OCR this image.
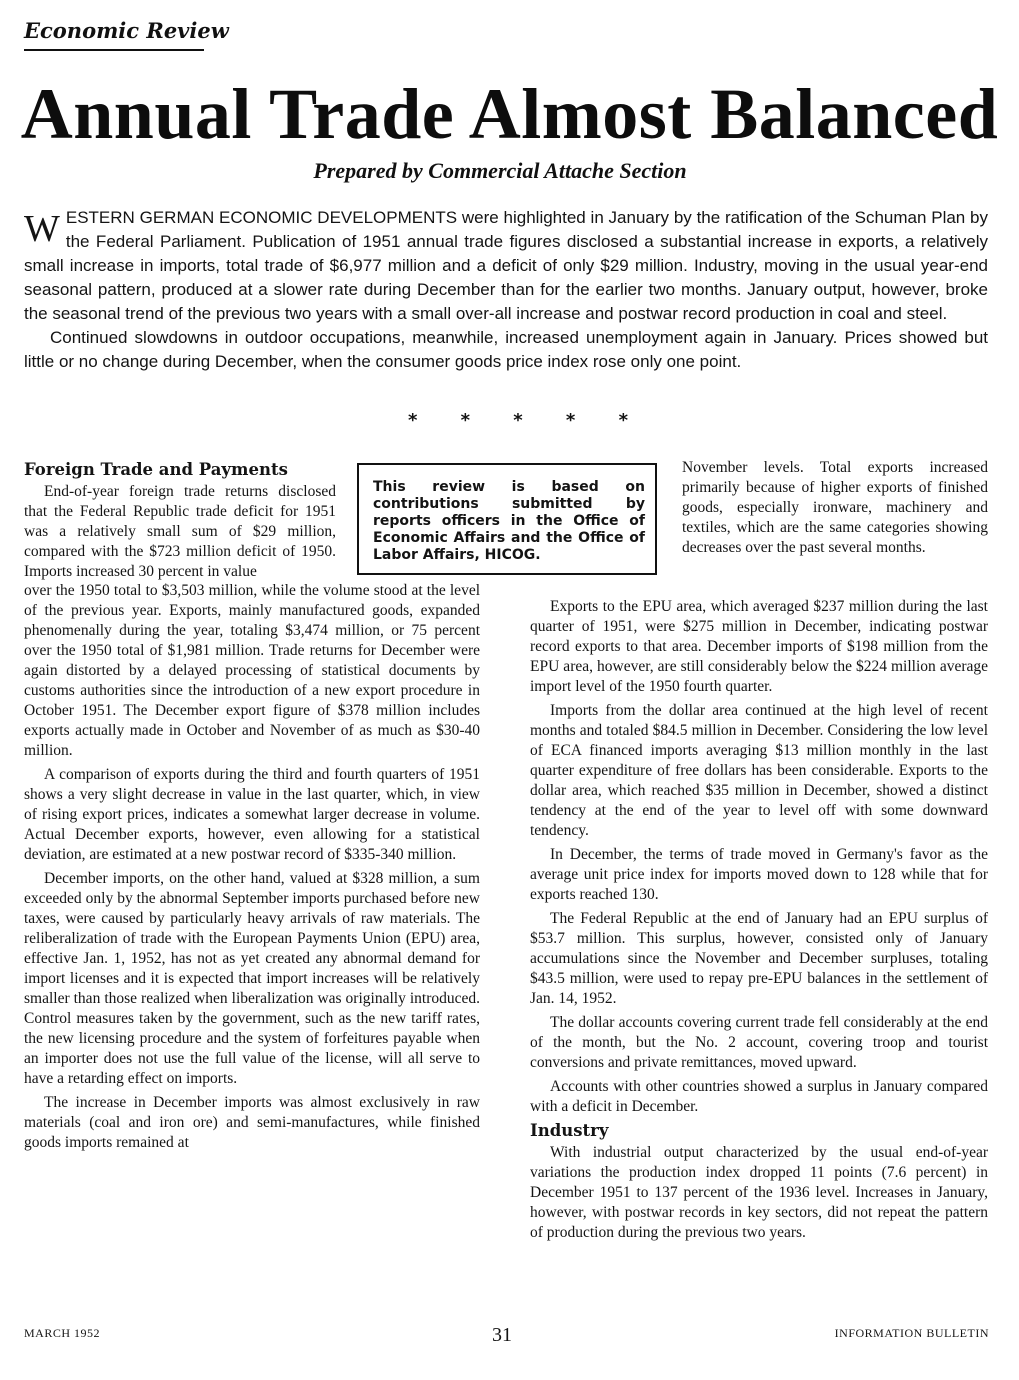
Economic Review
Annual Trade Almost Balanced
Prepared by Commercial Attache Section

WESTERN GERMAN ECONOMIC DEVELOPMENTS were highlighted in January by the ratification of the Schuman Plan by the Federal Parliament. Publication of 1951 annual trade figures disclosed a substantial increase in exports, a relatively small increase in imports, total trade of $6,977 million and a deficit of only $29 million. Industry, moving in the usual year-end seasonal pattern, produced at a slower rate during December than for the earlier two months. January output, however, broke the seasonal trend of the previous two years with a small over-all increase and postwar record production in coal and steel.

Continued slowdowns in outdoor occupations, meanwhile, increased unemployment again in January. Prices showed but little or no change during December, when the consumer goods price index rose only one point.

* * * * *
Foreign Trade and Payments

End-of-year foreign trade returns disclosed that the Federal Republic trade deficit for 1951 was a relatively small sum of $29 million, compared with the $723 million deficit of 1950. Imports increased 30 percent in value

This review is based on contributions submitted by reports officers in the Office of Economic Affairs and the Office of Labor Affairs, HICOG.

November levels. Total exports increased primarily because of higher exports of finished goods, especially ironware, machinery and textiles, which are the same categories showing decreases over the past several months.

over the 1950 total to $3,503 million, while the volume stood at the level of the previous year. Exports, mainly manufactured goods, expanded phenomenally during the year, totaling $3,474 million, or 75 percent over the 1950 total of $1,981 million. Trade returns for December were again distorted by a delayed processing of statistical documents by customs authorities since the introduction of a new export procedure in October 1951. The December export figure of $378 million includes exports actually made in October and November of as much as $30-40 million.

A comparison of exports during the third and fourth quarters of 1951 shows a very slight decrease in value in the last quarter, which, in view of rising export prices, indicates a somewhat larger decrease in volume. Actual December exports, however, even allowing for a statistical deviation, are estimated at a new postwar record of $335-340 million.

December imports, on the other hand, valued at $328 million, a sum exceeded only by the abnormal September imports purchased before new taxes, were caused by particularly heavy arrivals of raw materials. The reliberalization of trade with the European Payments Union (EPU) area, effective Jan. 1, 1952, has not as yet created any abnormal demand for import licenses and it is expected that import increases will be relatively smaller than those realized when liberalization was originally introduced. Control measures taken by the government, such as the new tariff rates, the new licensing procedure and the system of forfeitures payable when an importer does not use the full value of the license, will all serve to have a retarding effect on imports.

The increase in December imports was almost exclusively in raw materials (coal and iron ore) and semi-manufactures, while finished goods imports remained at

Exports to the EPU area, which averaged $237 million during the last quarter of 1951, were $275 million in December, indicating postwar record exports to that area. December imports of $198 million from the EPU area, however, are still considerably below the $224 million average import level of the 1950 fourth quarter.

Imports from the dollar area continued at the high level of recent months and totaled $84.5 million in December. Considering the low level of ECA financed imports averaging $13 million monthly in the last quarter expenditure of free dollars has been considerable. Exports to the dollar area, which reached $35 million in December, showed a distinct tendency at the end of the year to level off with some downward tendency.

In December, the terms of trade moved in Germany's favor as the average unit price index for imports moved down to 128 while that for exports reached 130.

The Federal Republic at the end of January had an EPU surplus of $53.7 million. This surplus, however, consisted only of January accumulations since the November and December surpluses, totaling $43.5 million, were used to repay pre-EPU balances in the settlement of Jan. 14, 1952.

The dollar accounts covering current trade fell considerably at the end of the month, but the No. 2 account, covering troop and tourist conversions and private remittances, moved upward.

Accounts with other countries showed a surplus in January compared with a deficit in December.

Industry

With industrial output characterized by the usual end-of-year variations the production index dropped 11 points (7.6 percent) in December 1951 to 137 percent of the 1936 level. Increases in January, however, with postwar records in key sectors, did not repeat the pattern of production during the previous two years.

MARCH 1952	31	INFORMATION BULLETIN
